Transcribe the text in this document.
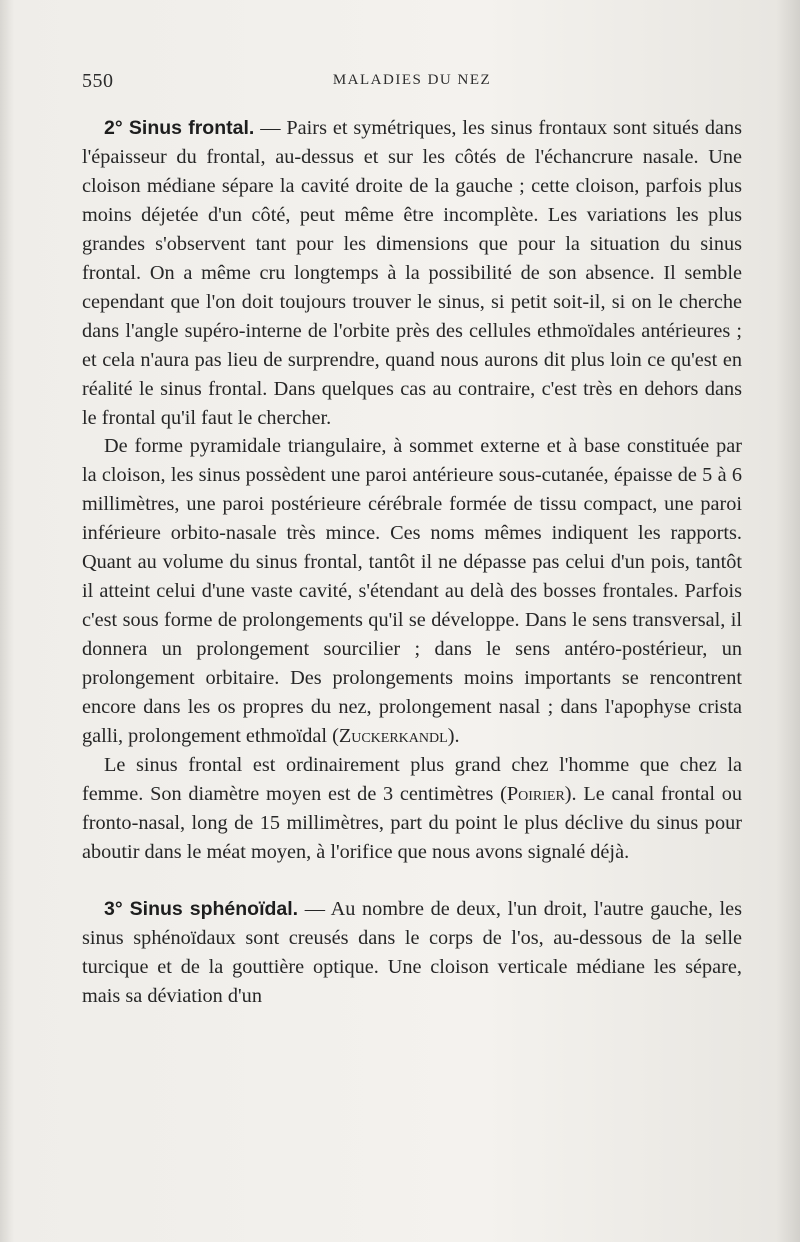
550	MALADIES DU NEZ

2° Sinus frontal. — Pairs et symétriques, les sinus frontaux sont situés dans l'épaisseur du frontal, au-dessus et sur les côtés de l'échancrure nasale. Une cloison médiane sépare la cavité droite de la gauche ; cette cloison, parfois plus moins déjetée d'un côté, peut même être incomplète. Les variations les plus grandes s'observent tant pour les dimensions que pour la situation du sinus frontal. On a même cru longtemps à la possibilité de son absence. Il semble cependant que l'on doit toujours trouver le sinus, si petit soit-il, si on le cherche dans l'angle supéro-interne de l'orbite près des cellules ethmoïdales antérieures ; et cela n'aura pas lieu de surprendre, quand nous aurons dit plus loin ce qu'est en réalité le sinus frontal. Dans quelques cas au contraire, c'est très en dehors dans le frontal qu'il faut le chercher.

De forme pyramidale triangulaire, à sommet externe et à base constituée par la cloison, les sinus possèdent une paroi antérieure sous-cutanée, épaisse de 5 à 6 millimètres, une paroi postérieure cérébrale formée de tissu compact, une paroi inférieure orbito-nasale très mince. Ces noms mêmes indiquent les rapports. Quant au volume du sinus frontal, tantôt il ne dépasse pas celui d'un pois, tantôt il atteint celui d'une vaste cavité, s'étendant au delà des bosses frontales. Parfois c'est sous forme de prolongements qu'il se développe. Dans le sens transversal, il donnera un prolongement sourcilier ; dans le sens antéro-postérieur, un prolongement orbitaire. Des prolongements moins importants se rencontrent encore dans les os propres du nez, prolongement nasal ; dans l'apophyse crista galli, prolongement ethmoïdal (Zuckerkandl).

Le sinus frontal est ordinairement plus grand chez l'homme que chez la femme. Son diamètre moyen est de 3 centimètres (Poirier). Le canal frontal ou fronto-nasal, long de 15 millimètres, part du point le plus déclive du sinus pour aboutir dans le méat moyen, à l'orifice que nous avons signalé déjà.

3° Sinus sphénoïdal. — Au nombre de deux, l'un droit, l'autre gauche, les sinus sphénoïdaux sont creusés dans le corps de l'os, au-dessous de la selle turcique et de la gouttière optique. Une cloison verticale médiane les sépare, mais sa déviation d'un
